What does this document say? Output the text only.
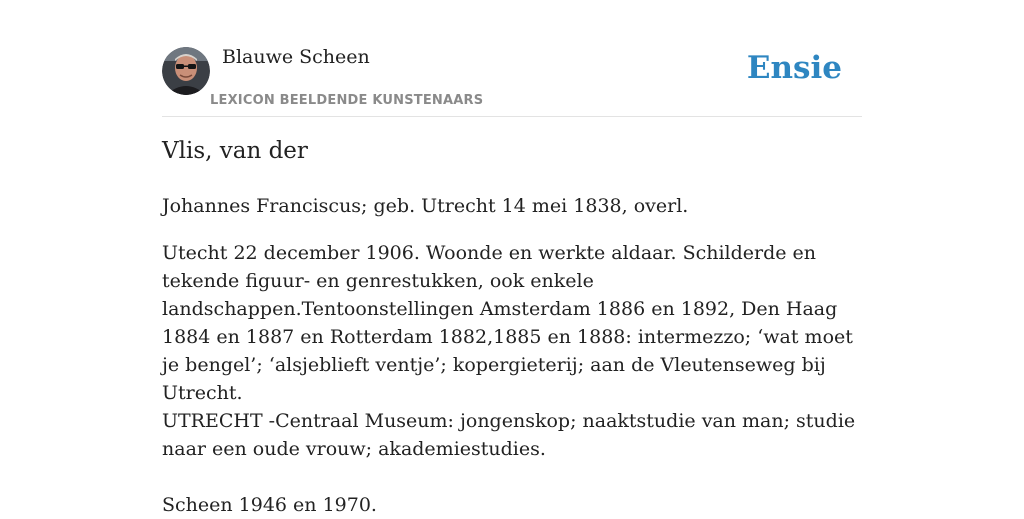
Blauwe Scheen
LEXICON BEELDENDE KUNSTENAARS
Ensie
Vlis, van der

Johannes Franciscus; geb. Utrecht 14 mei 1838, overl.

Utecht 22 december 1906. Woonde en werkte aldaar. Schilderde en tekende figuur- en genrestukken, ook enkele landschappen.Tentoonstellingen Amsterdam 1886 en 1892, Den Haag 1884 en 1887 en Rotterdam 1882,1885 en 1888: intermezzo; ‘wat moet je bengel’; ‘alsjeblieft ventje’; kopergieterij; aan de Vleutenseweg bij Utrecht.

UTRECHT -Centraal Museum: jongenskop; naaktstudie van man; studie naar een oude vrouw; akademiestudies.

Scheen 1946 en 1970.
